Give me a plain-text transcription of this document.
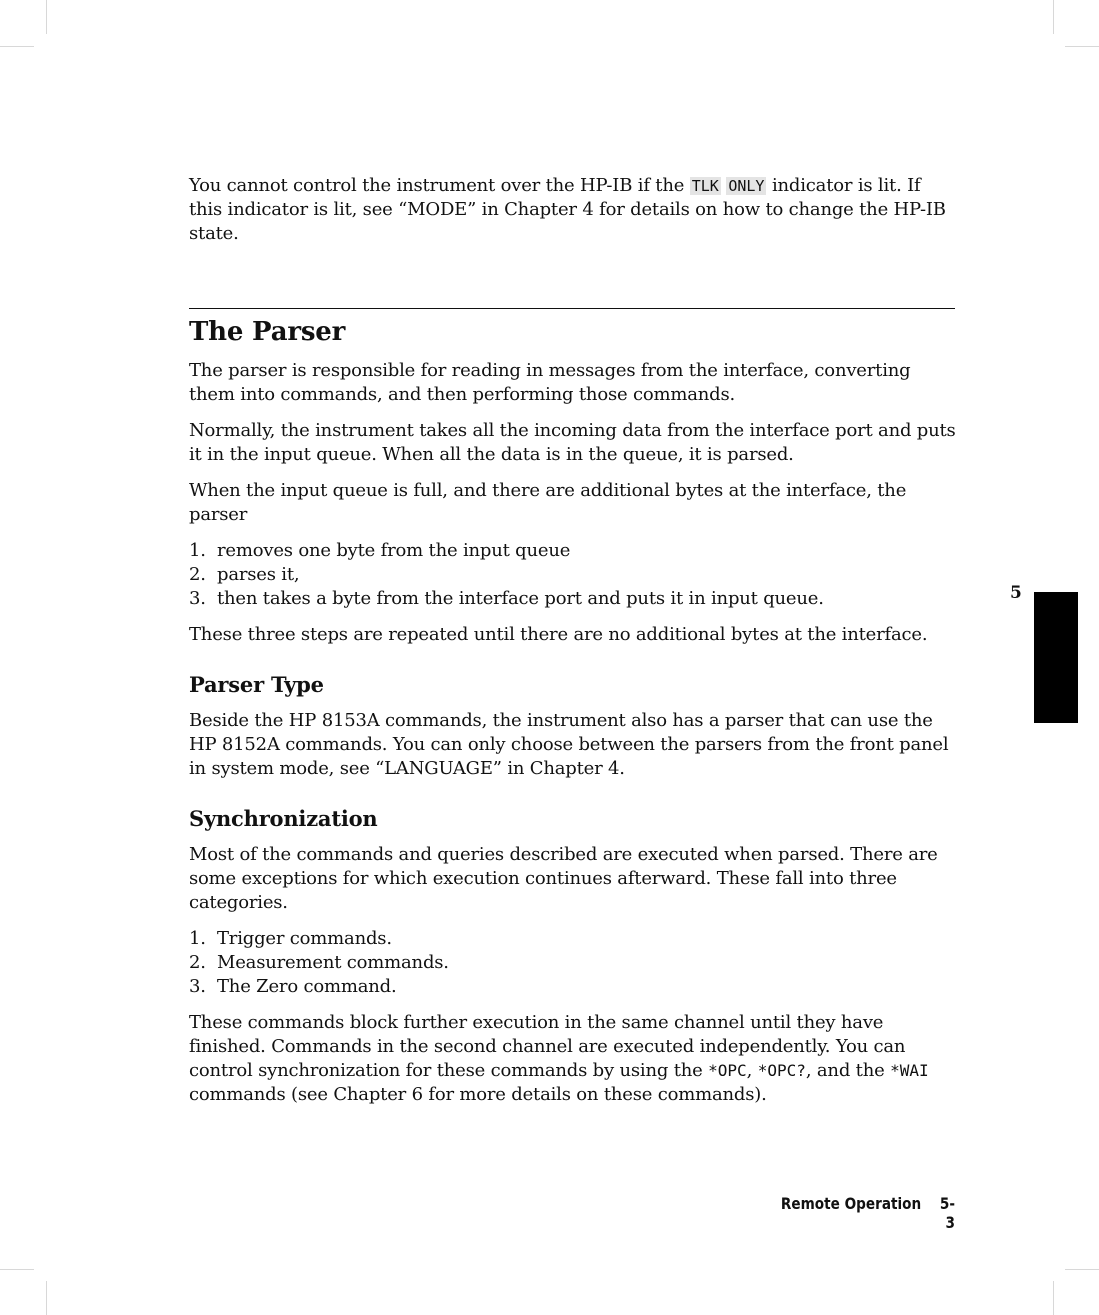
You cannot control the instrument over the HP-IB if the TLK ONLY indicator is lit. If this indicator is lit, see “MODE” in Chapter 4 for details on how to change the HP-IB state.

The Parser

The parser is responsible for reading in messages from the interface, converting them into commands, and then performing those commands.

Normally, the instrument takes all the incoming data from the interface port and puts it in the input queue. When all the data is in the queue, it is parsed.

When the input queue is full, and there are additional bytes at the interface, the parser

1. removes one byte from the input queue
2. parses it,
3. then takes a byte from the interface port and puts it in input queue.

These three steps are repeated until there are no additional bytes at the interface.

Parser Type

Beside the HP 8153A commands, the instrument also has a parser that can use the HP 8152A commands. You can only choose between the parsers from the front panel in system mode, see “LANGUAGE” in Chapter 4.

Synchronization

Most of the commands and queries described are executed when parsed. There are some exceptions for which execution continues afterward. These fall into three categories.

1. Trigger commands.
2. Measurement commands.
3. The Zero command.

These commands block further execution in the same channel until they have finished. Commands in the second channel are executed independently. You can control synchronization for these commands by using the *OPC, *OPC?, and the *WAI commands (see Chapter 6 for more details on these commands).

5
Remote Operation 5-3
